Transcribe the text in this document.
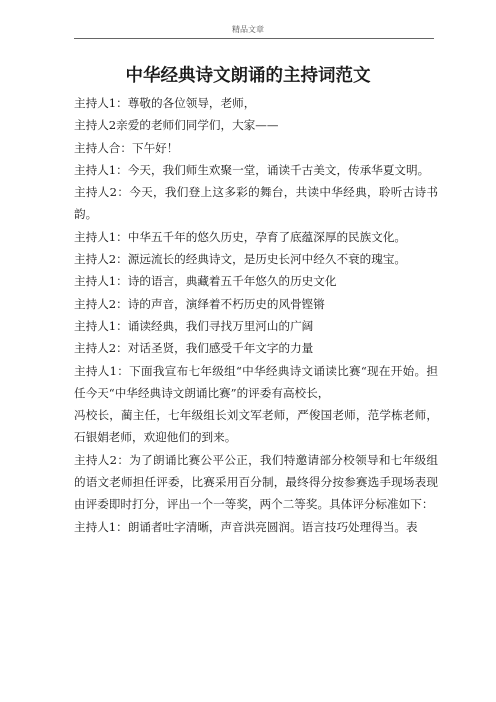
精品文章
中华经典诗文朗诵的主持词范文

主持人1：尊敬的各位领导，老师，

主持人2亲爱的老师们同学们，大家——

主持人合：下午好！

主持人1：今天，我们师生欢聚一堂，诵读千古美文，传承华夏文明。

主持人2：今天，我们登上这多彩的舞台，共读中华经典，聆听古诗书韵。

主持人1：中华五千年的悠久历史，孕育了底蕴深厚的民族文化。

主持人2：源远流长的经典诗文，是历史长河中经久不衰的瑰宝。

主持人1：诗的语言，典藏着五千年悠久的历史文化

主持人2：诗的声音，演绎着不朽历史的风骨铿锵

主持人1：诵读经典，我们寻找万里河山的广阔

主持人2：对话圣贤，我们感受千年文字的力量

主持人1：下面我宣布七年级组“中华经典诗文诵读比赛“现在开始。担任今天“中华经典诗文朗诵比赛”的评委有高校长，

冯校长，蔺主任，七年级组长刘文军老师，严俊国老师，范学栋老师，石银娟老师，欢迎他们的到来。

主持人2：为了朗诵比赛公平公正，我们特邀请部分校领导和七年级组的语文老师担任评委，比赛采用百分制，最终得分按参赛选手现场表现由评委即时打分，评出一个一等奖，两个二等奖。具体评分标准如下：

主持人1：朗诵者吐字清晰，声音洪亮圆润。语言技巧处理得当。表
